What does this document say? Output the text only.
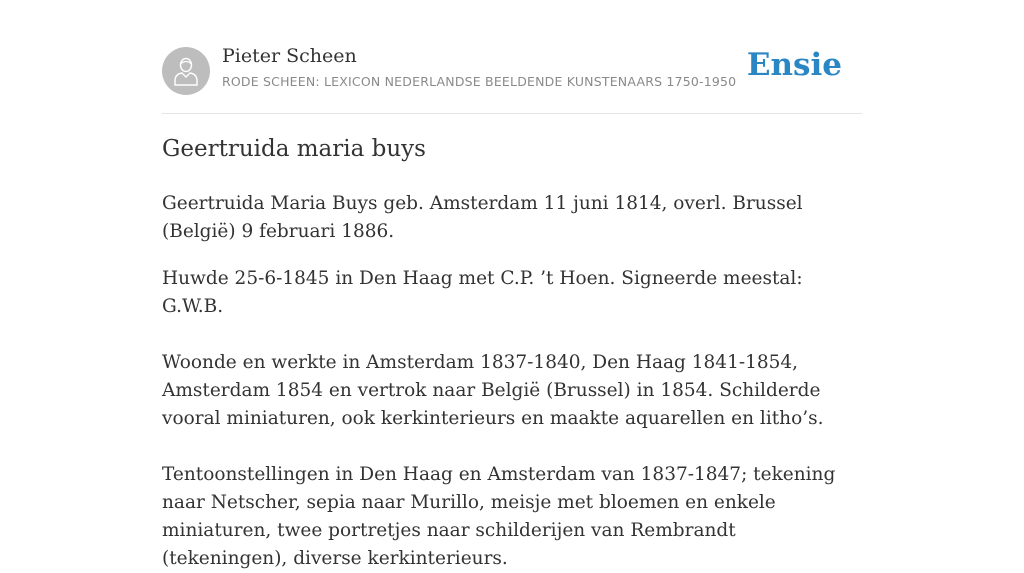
Pieter Scheen
RODE SCHEEN: LEXICON NEDERLANDSE BEELDENDE KUNSTENAARS 1750-1950 Ensie
Geertruida maria buys

Geertruida Maria Buys geb. Amsterdam 11 juni 1814, overl. Brussel (België) 9 februari 1886.

Huwde 25-6-1845 in Den Haag met C.P. ’t Hoen. Signeerde meestal: G.W.B.

Woonde en werkte in Amsterdam 1837-1840, Den Haag 1841-1854, Amsterdam 1854 en vertrok naar België (Brussel) in 1854. Schilderde vooral miniaturen, ook kerkinterieurs en maakte aquarellen en litho’s.

Tentoonstellingen in Den Haag en Amsterdam van 1837-1847; tekening naar Netscher, sepia naar Murillo, meisje met bloemen en enkele miniaturen, twee portretjes naar schilderijen van Rembrandt (tekeningen), diverse kerkinterieurs.
